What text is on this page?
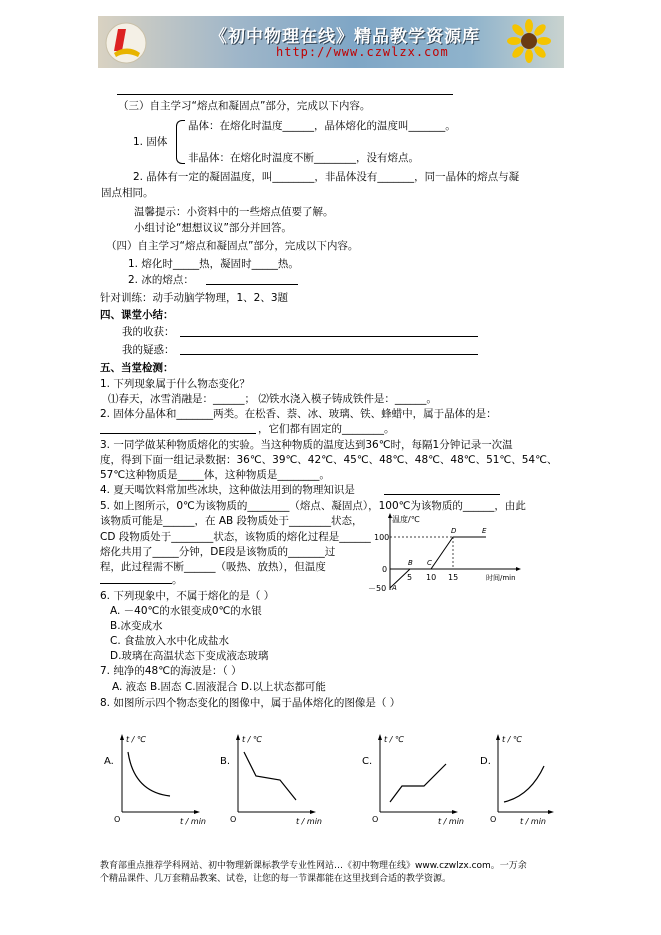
《初中物理在线》精品教学资源库
http://www.czwlzx.com
（三）自主学习“熔点和凝固点”部分，完成以下内容。
晶体：在熔化时温度______，晶体熔化的温度叫_______。
1. 固体
非晶体：在熔化时温度不断________，没有熔点。
2. 晶体有一定的凝固温度，叫________，非晶体没有_______，同一晶体的熔点与凝
固点相同。
温馨提示：小资料中的一些熔点值要了解。
小组讨论“想想议议”部分并回答。
（四）自主学习“熔点和凝固点”部分，完成以下内容。
1. 熔化时_____热，凝固时_____热。
2. 冰的熔点：
针对训练：动手动脑学物理，1、2、3题
四、课堂小结：
我的收获：
我的疑惑：
五、当堂检测：
1. 下列现象属于什么物态变化？
⑴春天，冰雪消融是：______； ⑵铁水浇入模子铸成铁件是：______。
2. 固体分晶体和_______两类。在松香、萘、冰、玻璃、铁、蜂蜡中，属于晶体的是：
，它们都有固定的________。
3. 一同学做某种物质熔化的实验。当这种物质的温度达到36℃时，每隔1分钟记录一次温
度，得到下面一组记录数据：36℃、39℃、42℃、45℃、48℃、48℃、48℃、51℃、54℃、
57℃这种物质是_____体，这种物质是________。
4. 夏天喝饮料常加些冰块，这种做法用到的物理知识是
5. 如上图所示，0℃为该物质的________（熔点、凝固点），100℃为该物质的______，由此
该物质可能是______，在 AB 段物质处于________状态，
CD 段物质处于________状态，该物质的熔化过程是______
熔化共用了_____分钟，DE段是该物质的_______过
程，此过程需不断______（吸热、放热），但温度
。
温度/℃
100
0
－50
5 10 15	时间/min
A
B C
D	E
6. 下列现象中，不属于熔化的是（ ）
A. －40℃的水银变成0℃的水银
B.冰变成水
C. 食盐放入水中化成盐水
D.玻璃在高温状态下变成液态玻璃
7. 纯净的48℃的海波是：（ ）
A. 液态 B.固态 C.固液混合 D.以上状态都可能
8. 如图所示四个物态变化的图像中，属于晶体熔化的图像是（ ）
A.
t / ℃
t / min
O
B.
t / ℃
t / min
O
C.
t / ℃
t / min
O
D.
t / ℃
t / min
O
教育部重点推荐学科网站、初中物理新课标教学专业性网站…《初中物理在线》www.czwlzx.com。一万余
个精品课件、几万套精品教案、试卷，让您的每一节课都能在这里找到合适的教学资源。
